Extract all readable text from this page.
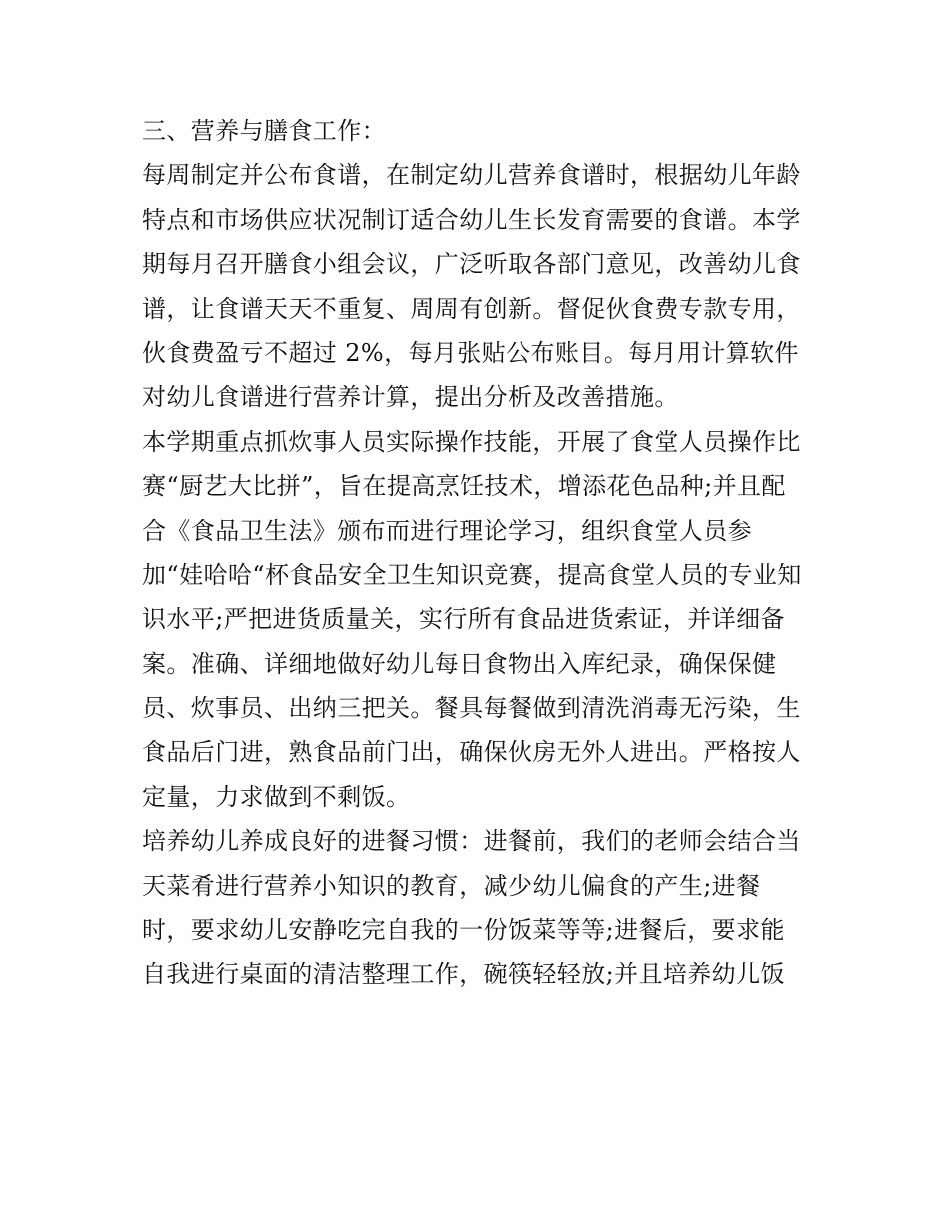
三、营养与膳食工作：
每周制定并公布食谱，在制定幼儿营养食谱时，根据幼儿年龄
特点和市场供应状况制订适合幼儿生长发育需要的食谱。本学
期每月召开膳食小组会议，广泛听取各部门意见，改善幼儿食
谱，让食谱天天不重复、周周有创新。督促伙食费专款专用，
伙食费盈亏不超过 2%，每月张贴公布账目。每月用计算软件
对幼儿食谱进行营养计算，提出分析及改善措施。
本学期重点抓炊事人员实际操作技能，开展了食堂人员操作比
赛“厨艺大比拼”，旨在提高烹饪技术，增添花色品种;并且配
合《食品卫生法》颁布而进行理论学习，组织食堂人员参
加“娃哈哈“杯食品安全卫生知识竞赛，提高食堂人员的专业知
识水平;严把进货质量关，实行所有食品进货索证，并详细备
案。准确、详细地做好幼儿每日食物出入库纪录，确保保健
员、炊事员、出纳三把关。餐具每餐做到清洗消毒无污染，生
食品后门进，熟食品前门出，确保伙房无外人进出。严格按人
定量，力求做到不剩饭。
培养幼儿养成良好的进餐习惯：进餐前，我们的老师会结合当
天菜肴进行营养小知识的教育，减少幼儿偏食的产生;进餐
时，要求幼儿安静吃完自我的一份饭菜等等;进餐后，要求能
自我进行桌面的清洁整理工作，碗筷轻轻放;并且培养幼儿饭
